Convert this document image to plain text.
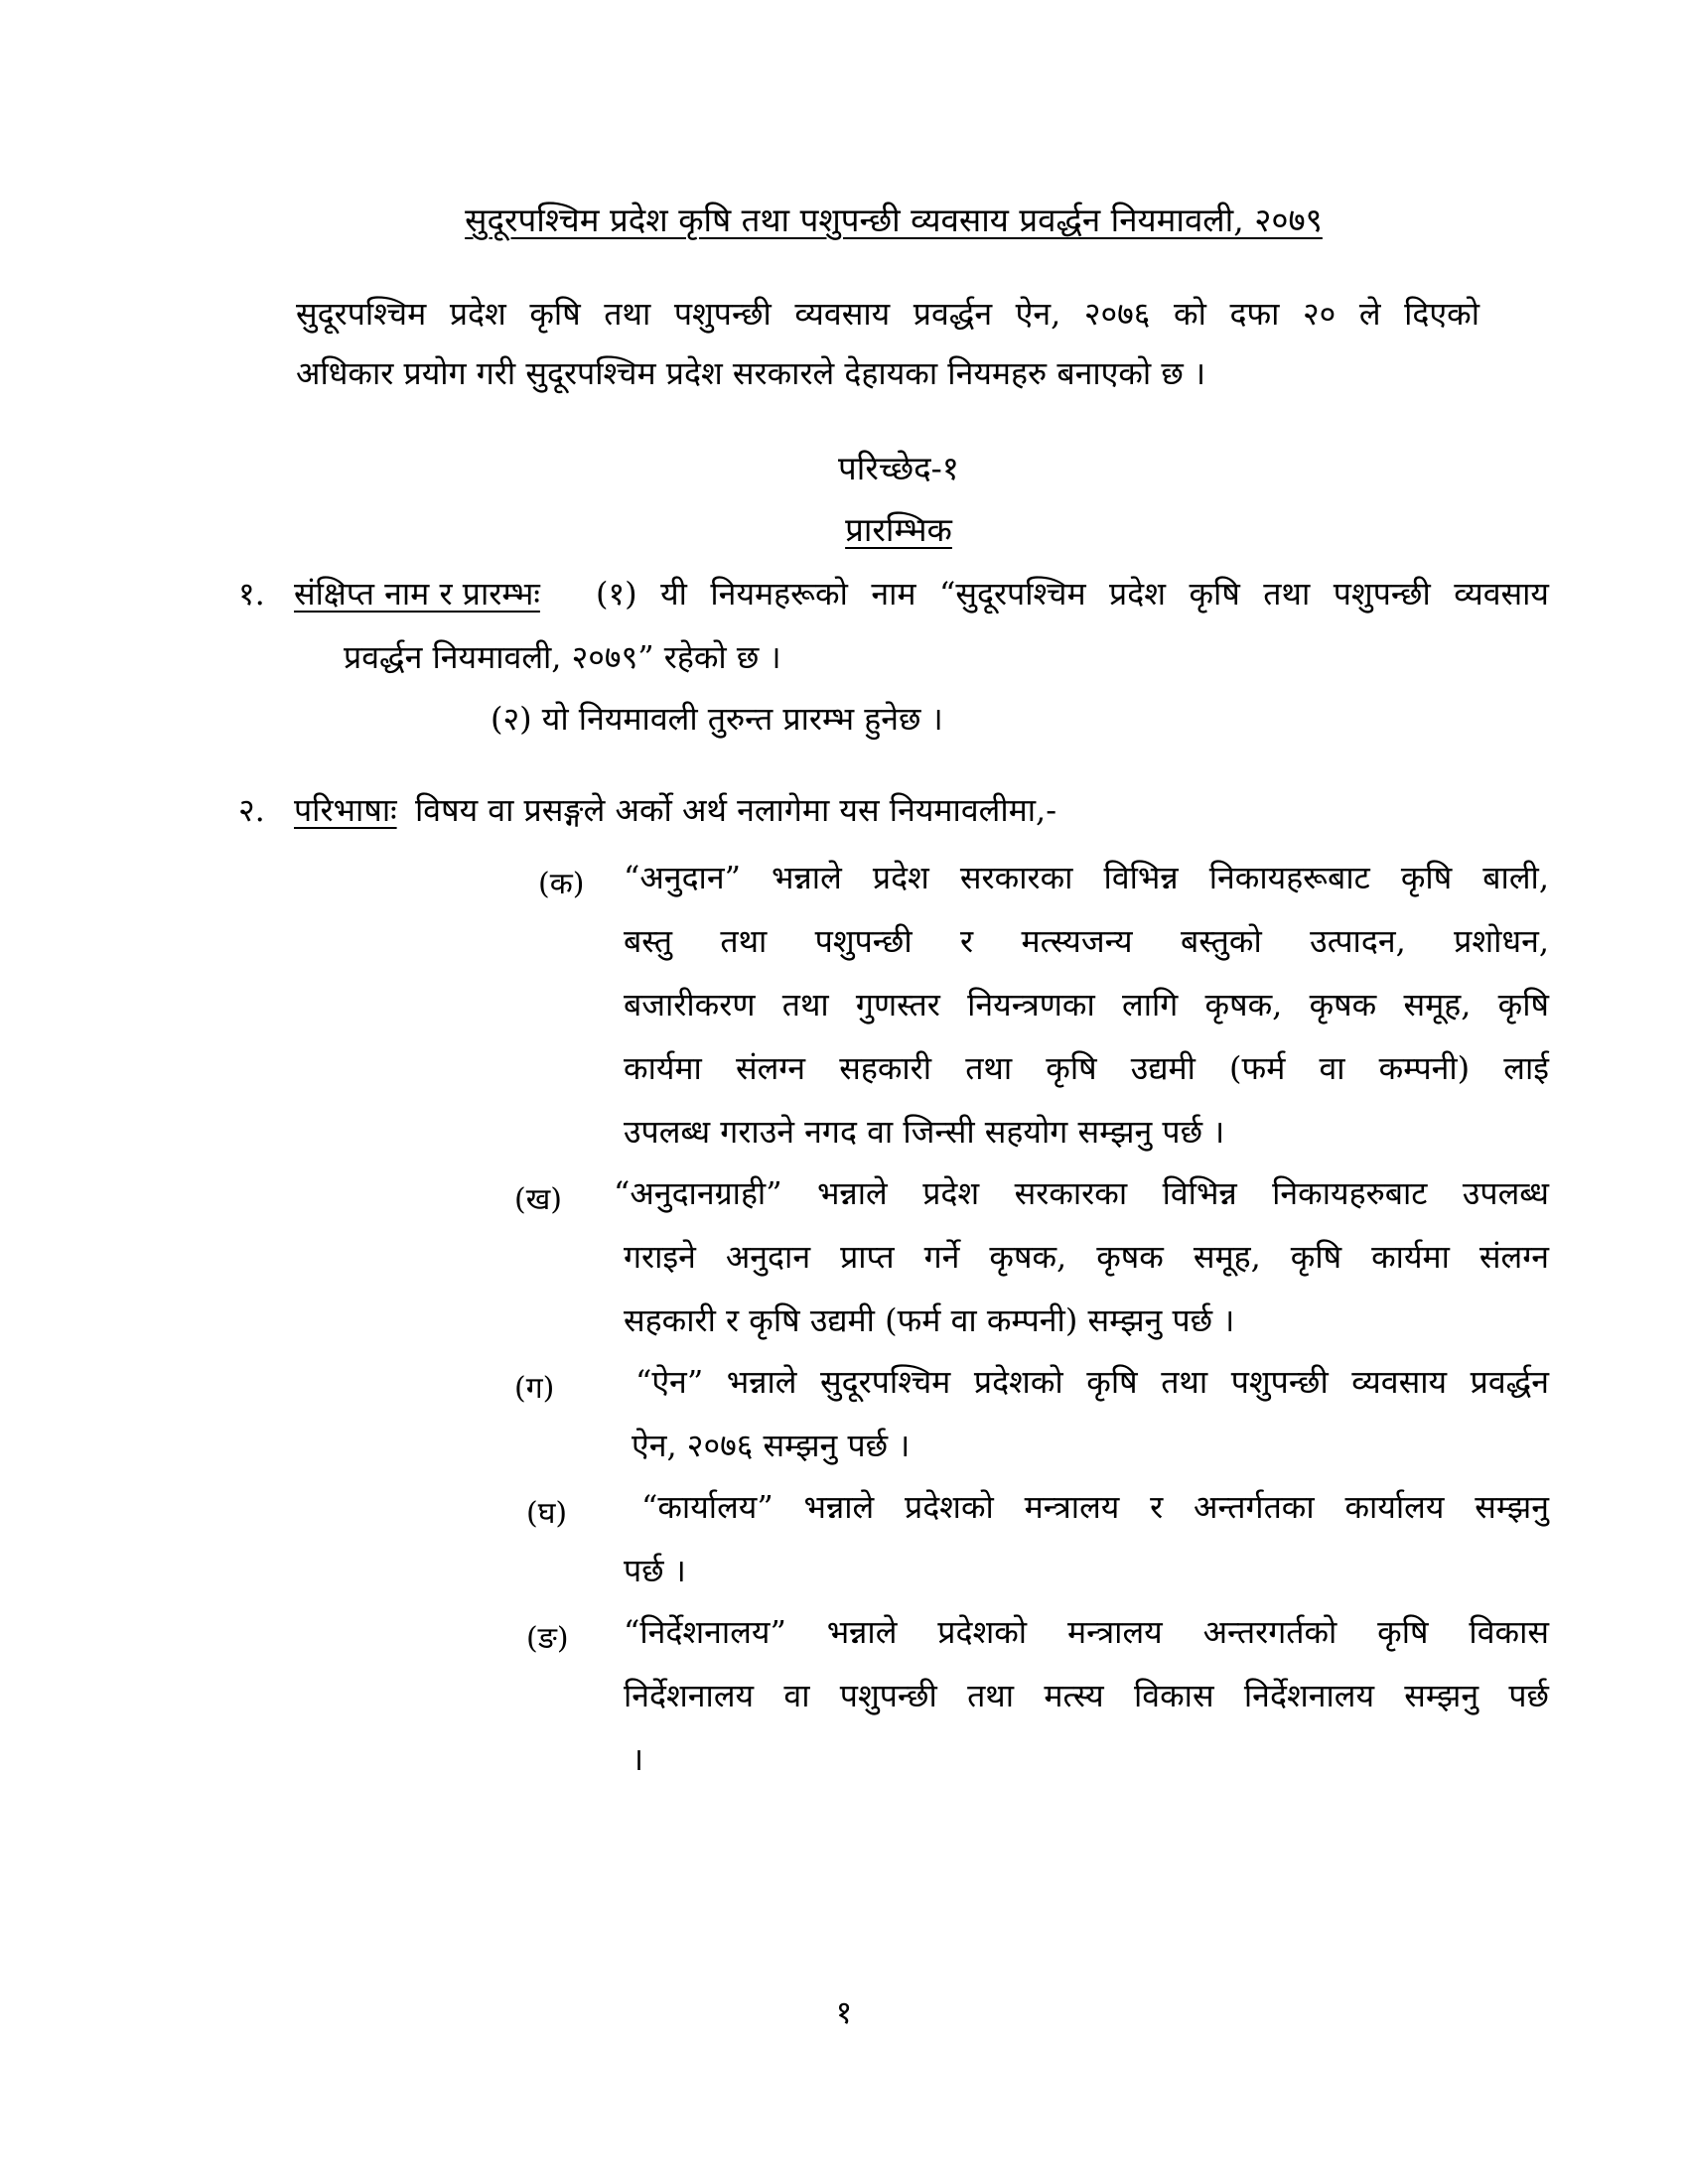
सुदूरपश्चिम प्रदेश कृषि तथा पशुपन्छी व्यवसाय प्रवर्द्धन नियमावली, २०७९
सुदूरपश्चिम प्रदेश कृषि तथा पशुपन्छी व्यवसाय प्रवर्द्धन ऐन, २०७६ को दफा २० ले दिएको
अधिकार प्रयोग गरी सुदूरपश्चिम प्रदेश सरकारले देहायका नियमहरु बनाएको छ ।
परिच्छेद-१
प्रारम्भिक
१. संक्षिप्त नाम र प्रारम्भः (१) यी नियमहरूको नाम “सुदूरपश्चिम प्रदेश कृषि तथा पशुपन्छी व्यवसाय
प्रवर्द्धन नियमावली, २०७९” रहेको छ ।
(२) यो नियमावली तुरुन्त प्रारम्भ हुनेछ ।
२. परिभाषाः विषय वा प्रसङ्गले अर्को अर्थ नलागेमा यस नियमावलीमा,-
(क) “अनुदान” भन्नाले प्रदेश सरकारका विभिन्न निकायहरूबाट कृषि बाली,
बस्तु तथा पशुपन्छी र मत्स्यजन्य बस्तुको उत्पादन, प्रशोधन,
बजारीकरण तथा गुणस्तर नियन्त्रणका लागि कृषक, कृषक समूह, कृषि
कार्यमा संलग्न सहकारी तथा कृषि उद्यमी (फर्म वा कम्पनी) लाई
उपलब्ध गराउने नगद वा जिन्सी सहयोग सम्झनु पर्छ ।
(ख) “अनुदानग्राही” भन्नाले प्रदेश सरकारका विभिन्न निकायहरुबाट उपलब्ध
गराइने अनुदान प्राप्त गर्ने कृषक, कृषक समूह, कृषि कार्यमा संलग्न
सहकारी र कृषि उद्यमी (फर्म वा कम्पनी) सम्झनु पर्छ ।
(ग)	“ऐन” भन्नाले सुदूरपश्चिम प्रदेशको कृषि तथा पशुपन्छी व्यवसाय प्रवर्द्धन
ऐन, २०७६ सम्झनु पर्छ ।
(घ) “कार्यालय” भन्नाले प्रदेशको मन्त्रालय र अन्तर्गतका कार्यालय सम्झनु
पर्छ ।
(ङ) “निर्देशनालय” भन्नाले प्रदेशको मन्त्रालय अन्तरगर्तको कृषि विकास
निर्देशनालय वा पशुपन्छी तथा मत्स्य विकास निर्देशनालय सम्झनु पर्छ
।
१
